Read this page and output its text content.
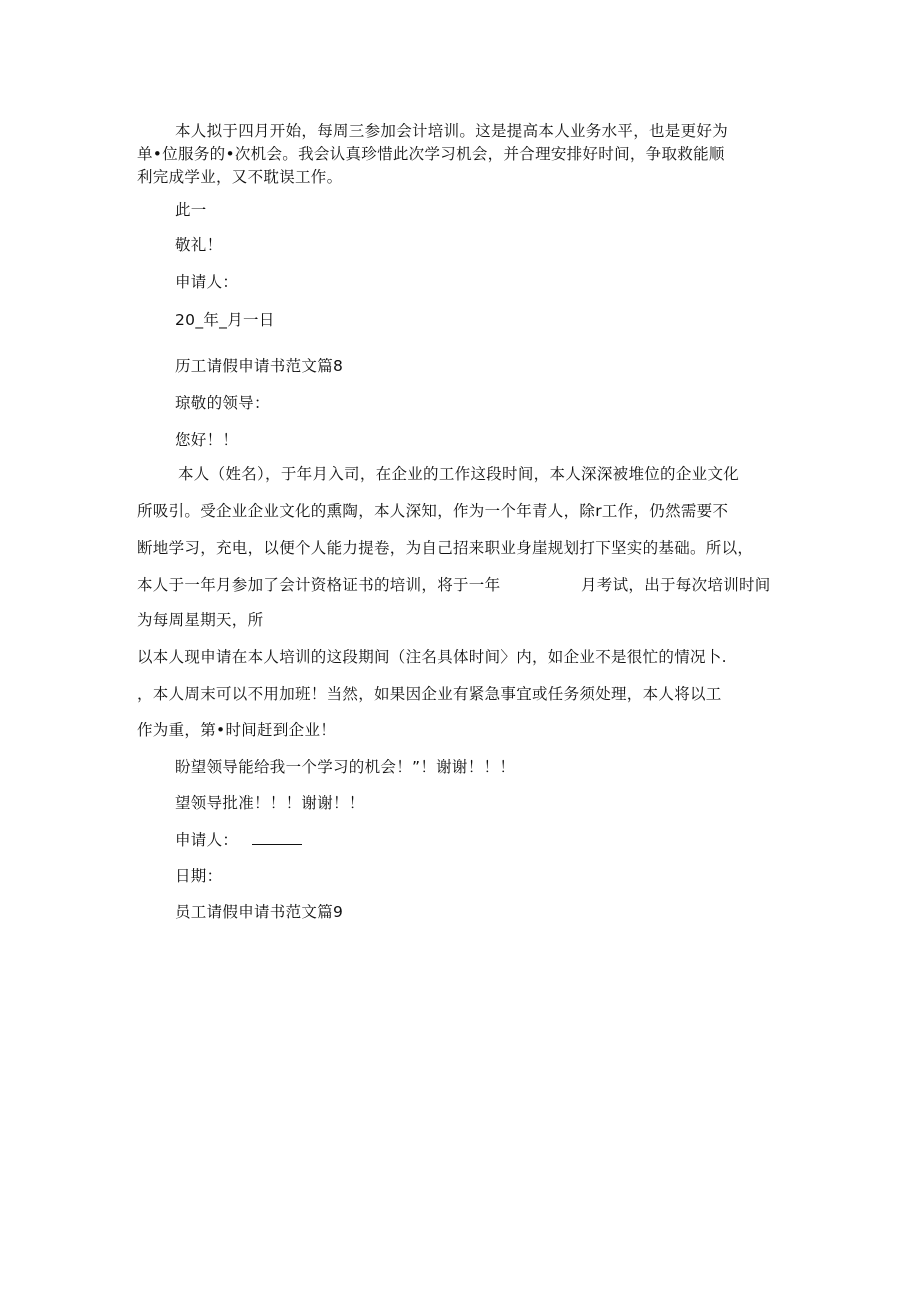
本人拟于四月开始，每周三参加会计培训。这是提高本人业务水平，也是更好为
单•位服务的•次机会。我会认真珍惜此次学习机会，并合理安排好时间，争取救能顺
利完成学业，又不耽误工作。
此一
敬礼！
申请人：
20_年_月一日
历工请假申请书范文篇8
琼敬的领导：
您好！！
本人（姓名），于年月入司，在企业的工作这段时间，本人深深被堆位的企业文化
所吸引。受企业企业文化的熏陶，本人深知，作为一个年青人，除r工作，仍然需要不
断地学习，充电，以便个人能力提卷，为自己招来职业身崖规划打下坚实的基础。所以，
本人于一年月参加了会计资格证书的培训，将于一年	月考试，出于每次培训时间
为每周星期天，所
以本人现申请在本人培训的这段期间（注名具体时间〉内，如企业不是很忙的情况卜.
，本人周末可以不用加班！当然，如果因企业有紧急事宜或任务须处理，本人将以工
作为重，第•时间赶到企业！
盼望领导能给我一个学习的机会！”！谢谢！！！
望领导批准！！！谢谢！！
申请人：
日期：
员工请假申请书范文篇9
